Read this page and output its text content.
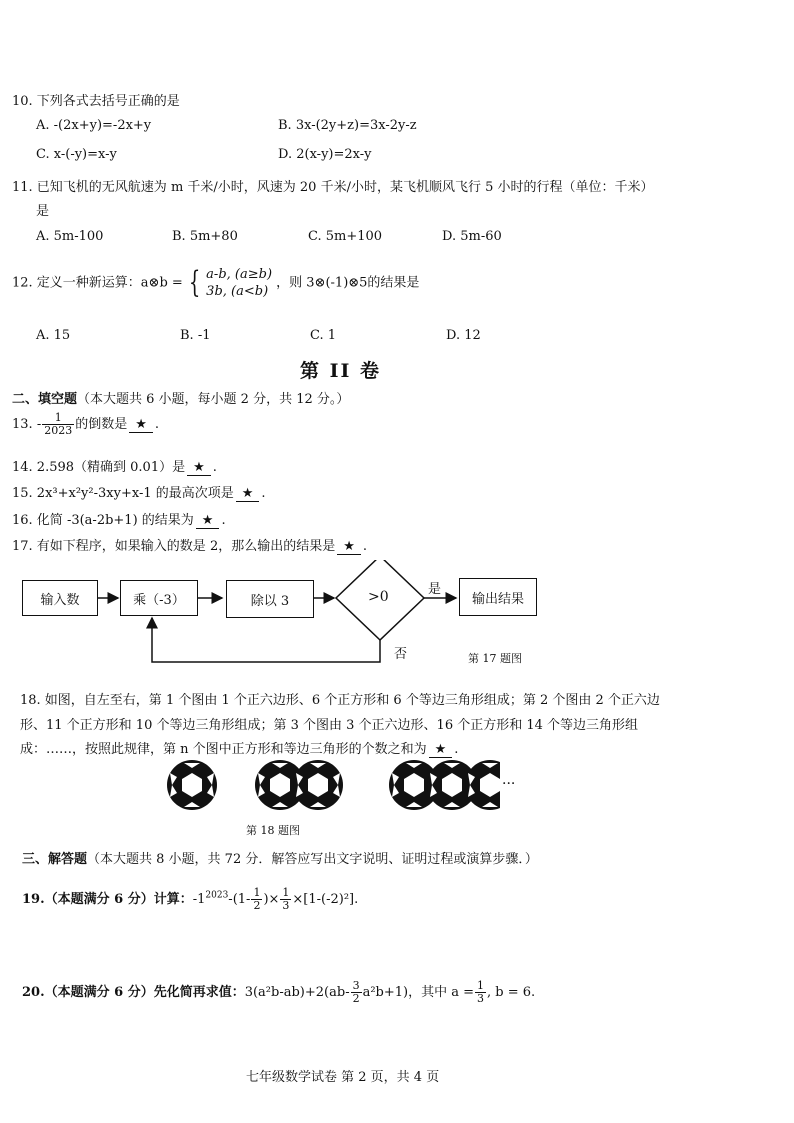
10. 下列各式去括号正确的是
A. -(2x+y)=-2x+y	B. 3x-(2y+z)=3x-2y-z
C. x-(-y)=x-y	D. 2(x-y)=2x-y
11. 已知飞机的无风航速为 m 千米/小时，风速为 20 千米/小时，某飞机顺风飞行 5 小时的行程（单位：千米）
是
A. 5m-100	B. 5m+80	C. 5m+100	D. 5m-60
12. 定义一种新运算：a⊗b = { a-b, (a≥b)
3b, (a<b)
，则 3⊗(-1)⊗5的结果是
A. 15	B. -1	C. 1	D. 12
第 II 卷
二、填空题（本大题共 6 小题，每小题 2 分，共 12 分。）
13. - $\frac{1}{2023}$ 的倒数是 ★ .
14. 2.598（精确到 0.01）是 ★ .
15. 2x³+x²y²-3xy+x-1 的最高次项是 ★ .
16. 化简 -3(a-2b+1) 的结果为 ★ .
17. 有如下程序，如果输入的数是 2，那么输出的结果是 ★ .
输入数	乘（-3）	除以 3	>0	是
输出结果
否	第 17 题图
18. 如图，自左至右，第 1 个图由 1 个正六边形、6 个正方形和 6 个等边三角形组成；第 2 个图由 2 个正六边
形、11 个正方形和 10 个等边三角形组成；第 3 个图由 3 个正六边形、16 个正方形和 14 个等边三角形组
成：……，按照此规律，第 n 个图中正方形和等边三角形的个数之和为 ★ .
···
第 18 题图
三、解答题（本大题共 8 小题，共 72 分．解答应写出文字说明、证明过程或演算步骤．）
19.（本题满分 6 分）计算：$-1^{2023}-(1- \frac{1}{2}$ )× $\frac{1}{3} \times[1-(-2)^2]$.
20.（本题满分 6 分）先化简再求值：$3(a^2b-ab)+2(ab- \frac{3}{2} a^2b+1)$，其中 $a = \frac{1}{3}$ , b = 6.
七年级数学试卷 第 2 页，共 4 页
